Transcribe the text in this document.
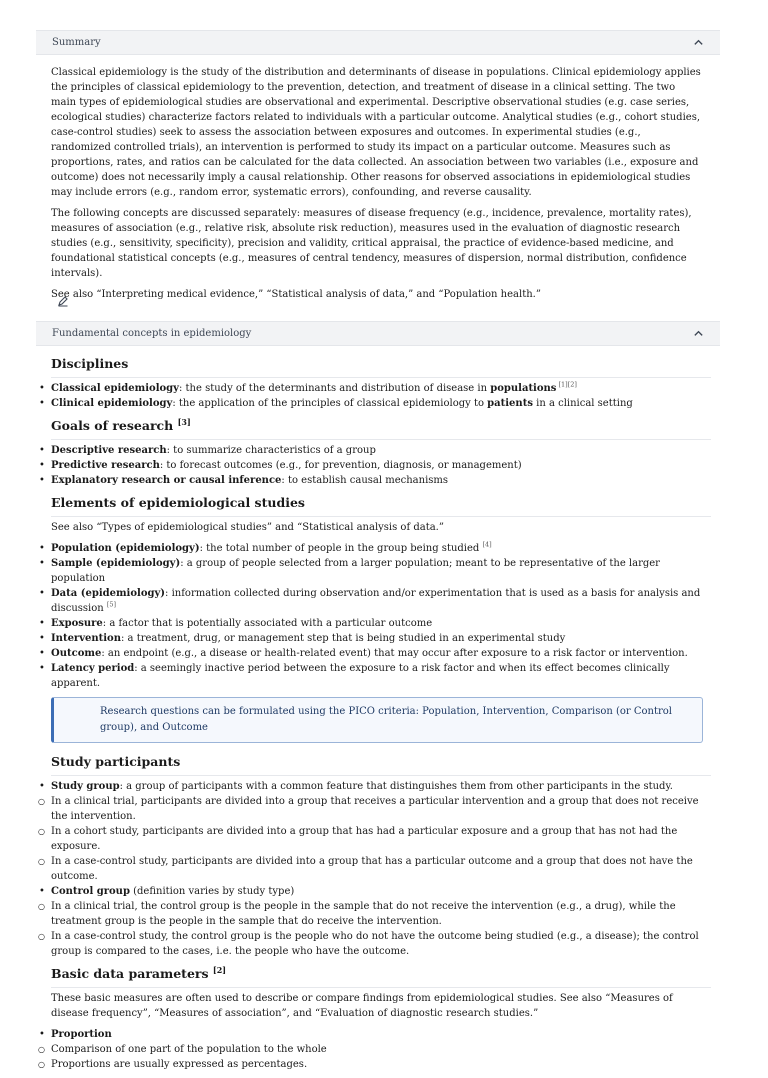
Summary

Classical epidemiology is the study of the distribution and determinants of disease in populations. Clinical epidemiology applies the principles of classical epidemiology to the prevention, detection, and treatment of disease in a clinical setting. The two main types of epidemiological studies are observational and experimental. Descriptive observational studies (e.g. case series, ecological studies) characterize factors related to individuals with a particular outcome. Analytical studies (e.g., cohort studies, case-control studies) seek to assess the association between exposures and outcomes. In experimental studies (e.g., randomized controlled trials), an intervention is performed to study its impact on a particular outcome. Measures such as proportions, rates, and ratios can be calculated for the data collected. An association between two variables (i.e., exposure and outcome) does not necessarily imply a causal relationship. Other reasons for observed associations in epidemiological studies may include errors (e.g., random error, systematic errors), confounding, and reverse causality.

The following concepts are discussed separately: measures of disease frequency (e.g., incidence, prevalence, mortality rates), measures of association (e.g., relative risk, absolute risk reduction), measures used in the evaluation of diagnostic research studies (e.g., sensitivity, specificity), precision and validity, critical appraisal, the practice of evidence-based medicine, and foundational statistical concepts (e.g., measures of central tendency, measures of dispersion, normal distribution, confidence intervals).

See also “Interpreting medical evidence,” “Statistical analysis of data,” and “Population health.”

Fundamental concepts in epidemiology
Disciplines
• Classical epidemiology: the study of the determinants and distribution of disease in populations [1][2]
• Clinical epidemiology: the application of the principles of classical epidemiology to patients in a clinical setting
Goals of research [3]
• Descriptive research: to summarize characteristics of a group
• Predictive research: to forecast outcomes (e.g., for prevention, diagnosis, or management)
• Explanatory research or causal inference: to establish causal mechanisms
Elements of epidemiological studies

See also “Types of epidemiological studies” and “Statistical analysis of data.”

• Population (epidemiology): the total number of people in the group being studied [4]
• Sample (epidemiology): a group of people selected from a larger population; meant to be representative of the larger population
• Data (epidemiology): information collected during observation and/or experimentation that is used as a basis for analysis and discussion [5]
• Exposure: a factor that is potentially associated with a particular outcome
• Intervention: a treatment, drug, or management step that is being studied in an experimental study
• Outcome: an endpoint (e.g., a disease or health-related event) that may occur after exposure to a risk factor or intervention.
• Latency period: a seemingly inactive period between the exposure to a risk factor and when its effect becomes clinically apparent.
Research questions can be formulated using the PICO criteria: Population, Intervention, Comparison (or Control group), and Outcome
Study participants
• Study group: a group of participants with a common feature that distinguishes them from other participants in the study.
○ In a clinical trial, participants are divided into a group that receives a particular intervention and a group that does not receive the intervention.
○ In a cohort study, participants are divided into a group that has had a particular exposure and a group that has not had the exposure.
○ In a case-control study, participants are divided into a group that has a particular outcome and a group that does not have the outcome.
• Control group (definition varies by study type)
○ In a clinical trial, the control group is the people in the sample that do not receive the intervention (e.g., a drug), while the treatment group is the people in the sample that do receive the intervention.
○ In a case-control study, the control group is the people who do not have the outcome being studied (e.g., a disease); the control group is compared to the cases, i.e. the people who have the outcome.
Basic data parameters [2]

These basic measures are often used to describe or compare findings from epidemiological studies. See also “Measures of disease frequency”, “Measures of association”, and “Evaluation of diagnostic research studies.”

• Proportion
○ Comparison of one part of the population to the whole
○ Proportions are usually expressed as percentages.
